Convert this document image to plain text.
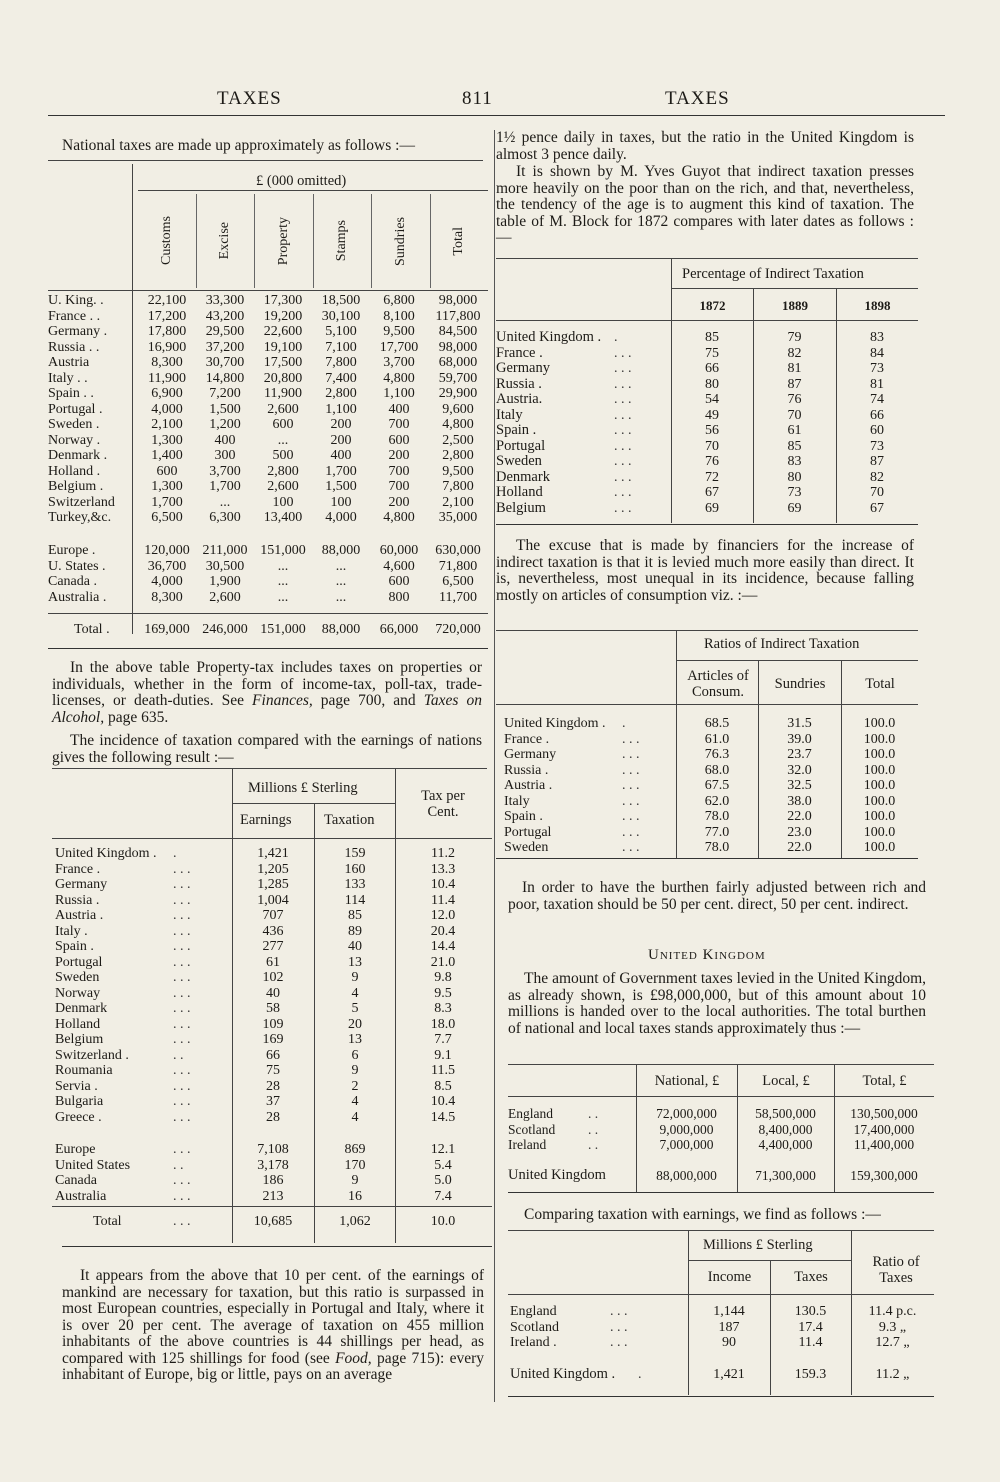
TAXES	811	TAXES
National taxes are made up approximately as follows :—
£ (000 omitted)
Customs	Excise	Property	Stamps	Sundries	Total
U. King. .	22,100	33,300	17,300	18,500	6,800	98,000
France . .	17,200	43,200	19,200	30,100	8,100	117,800
Germany .	17,800	29,500	22,600	5,100	9,500	84,500
Russia . .	16,900	37,200	19,100	7,100	17,700	98,000
Austria	8,300	30,700	17,500	7,800	3,700	68,000
Italy . .	11,900	14,800	20,800	7,400	4,800	59,700
Spain . .	6,900	7,200	11,900	2,800	1,100	29,900
Portugal .	4,000	1,500	2,600	1,100	400	9,600
Sweden .	2,100	1,200	600	200	700	4,800
Norway .	1,300	400	...	200	600	2,500
Denmark .	1,400	300	500	400	200	2,800
Holland .	600	3,700	2,800	1,700	700	9,500
Belgium .	1,300	1,700	2,600	1,500	700	7,800
Switzerland	1,700	...	100	100	200	2,100
Turkey,&c.	6,500	6,300	13,400	4,000	4,800	35,000
Europe .	120,000	211,000	151,000	88,000	60,000	630,000
U. States .	36,700	30,500	...	...	4,600	71,800
Canada .	4,000	1,900	...	...	600	6,500
Australia .	8,300	2,600	...	...	800	11,700
Total .	169,000	246,000	151,000	88,000	66,000	720,000
In the above table Property-tax includes taxes on properties or individuals, whether in the form of income-tax, poll-tax, trade-licenses, or death-duties. See Finances, page 700, and Taxes on Alcohol, page 635.
The incidence of taxation compared with the earnings of nations gives the following result :—
Millions £ Sterling
Earnings Taxation
Tax per Cent.
United Kingdom .	.	1,421	159	11.2
France .	. . .	1,205	160	13.3
Germany	. . .	1,285	133	10.4
Russia .	. . .	1,004	114	11.4
Austria .	. . .	707	85	12.0
Italy .	. . .	436	89	20.4
Spain .	. . .	277	40	14.4
Portugal	. . .	61	13	21.0
Sweden	. . .	102	9	9.8
Norway	. . .	40	4	9.5
Denmark	. . .	58	5	8.3
Holland	. . .	109	20	18.0
Belgium	. . .	169	13	7.7
Switzerland .	. .	66	6	9.1
Roumania	. . .	75	9	11.5
Servia .	. . .	28	2	8.5
Bulgaria	. . .	37	4	10.4
Greece .	. . .	28	4	14.5
Europe	. . .	7,108	869	12.1
United States	. .	3,178	170	5.4
Canada	. . .	186	9	5.0
Australia	. . .	213	16	7.4
Total	. . .	10,685	1,062	10.0
It appears from the above that 10 per cent. of the earnings of mankind are necessary for taxation, but this ratio is surpassed in most European countries, especially in Portugal and Italy, where it is over 20 per cent. The average of taxation on 455 million inhabitants of the above countries is 44 shillings per head, as compared with 125 shillings for food (see Food, page 715): every inhabitant of Europe, big or little, pays on an average
1½ pence daily in taxes, but the ratio in the United Kingdom is almost 3 pence daily.
It is shown by M. Yves Guyot that indirect taxation presses more heavily on the poor than on the rich, and that, nevertheless, the tendency of the age is to augment this kind of taxation. The table of M. Block for 1872 compares with later dates as follows :—
Percentage of Indirect Taxation
1872	1889	1898
United Kingdom .	.	85	79	83
France .	. . .	75	82	84
Germany	. . .	66	81	73
Russia .	. . .	80	87	81
Austria.	. . .	54	76	74
Italy	. . .	49	70	66
Spain .	. . .	56	61	60
Portugal	. . .	70	85	73
Sweden	. . .	76	83	87
Denmark	. . .	72	80	82
Holland	. . .	67	73	70
Belgium	. . .	69	69	67
The excuse that is made by financiers for the increase of indirect taxation is that it is levied much more easily than direct. It is, nevertheless, most unequal in its incidence, because falling mostly on articles of consumption viz. :—
Ratios of Indirect Taxation
Articles of Consum.	Sundries	Total
United Kingdom .	.	68.5	31.5	100.0
France .	. . .	61.0	39.0	100.0
Germany	. . .	76.3	23.7	100.0
Russia .	. . .	68.0	32.0	100.0
Austria .	. . .	67.5	32.5	100.0
Italy	. . .	62.0	38.0	100.0
Spain .	. . .	78.0	22.0	100.0
Portugal	. . .	77.0	23.0	100.0
Sweden	. . .	78.0	22.0	100.0
In order to have the burthen fairly adjusted between rich and poor, taxation should be 50 per cent. direct, 50 per cent. indirect.
United Kingdom
The amount of Government taxes levied in the United Kingdom, as already shown, is £98,000,000, but of this amount about 10 millions is handed over to the local authorities. The total burthen of national and local taxes stands approximately thus :—
National, £	Local, £	Total, £
England	. .	72,000,000	58,500,000	130,500,000
Scotland	. .	9,000,000	8,400,000	17,400,000
Ireland	. .	7,000,000	4,400,000	11,400,000
United Kingdom	88,000,000	71,300,000	159,300,000
Comparing taxation with earnings, we find as follows :—
Millions £ Sterling
Income	Taxes
Ratio of Taxes
England	. . .	1,144	130.5	11.4 p.c.
Scotland	. . .	187	17.4	9.3 „
Ireland .	. . .	90	11.4	12.7 „
United Kingdom .	.	1,421	159.3	11.2 „
